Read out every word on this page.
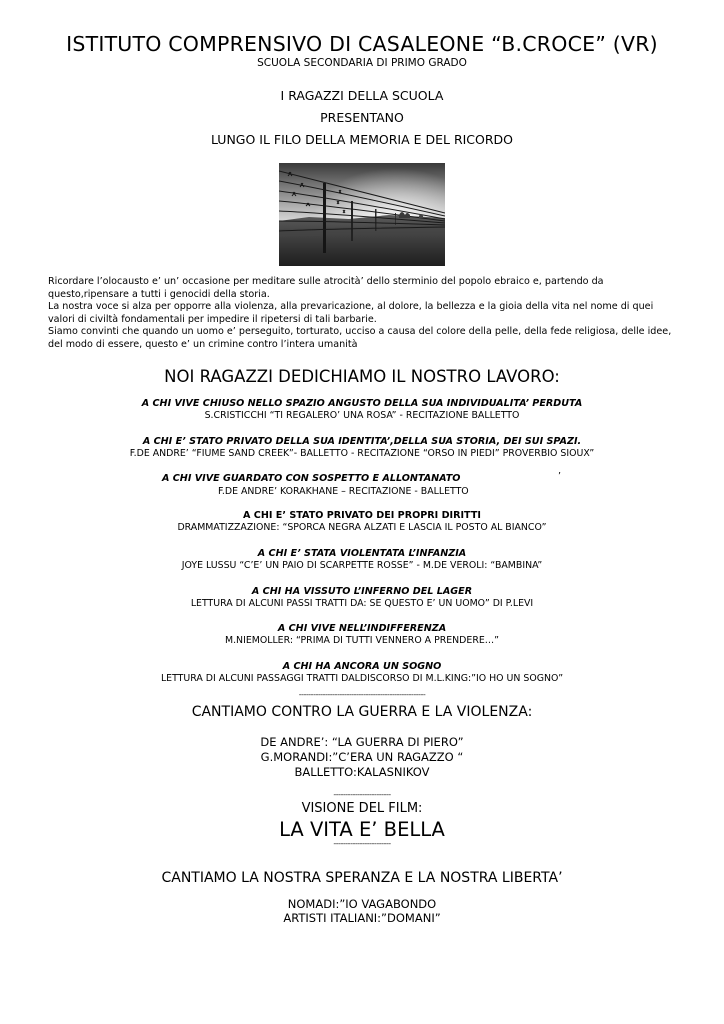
ISTITUTO COMPRENSIVO DI CASALEONE “B.CROCE” (VR)
SCUOLA SECONDARIA DI PRIMO GRADO
I RAGAZZI DELLA SCUOLA
PRESENTANO
LUNGO IL FILO DELLA MEMORIA E DEL RICORDO

Ricordare l’olocausto e’ un’ occasione per meditare sulle atrocità’ dello sterminio del popolo ebraico e, partendo da questo,ripensare a tutti i genocidi della storia.

La nostra voce si alza per opporre alla violenza, alla prevaricazione, al dolore, la bellezza e la gioia della vita nel nome di quei valori di civiltà fondamentali per impedire il ripetersi di tali barbarie.

Siamo convinti che quando un uomo e’ perseguito, torturato, ucciso a causa del colore della pelle, della fede religiosa, delle idee, del modo di essere, questo e’ un crimine contro l’intera umanità

NOI RAGAZZI DEDICHIAMO IL NOSTRO LAVORO:
A CHI VIVE CHIUSO NELLO SPAZIO ANGUSTO DELLA SUA INDIVIDUALITA’ PERDUTA
S.CRISTICCHI “TI REGALERO’ UNA ROSA” - RECITAZIONE BALLETTO
A CHI E’ STATO PRIVATO DELLA SUA IDENTITA’,DELLA SUA STORIA, DEI SUI SPAZI.
F.DE ANDRE’ “FIUME SAND CREEK”- BALLETTO - RECITAZIONE “ORSO IN PIEDI” PROVERBIO SIOUX”
A CHI VIVE GUARDATO CON SOSPETTO E ALLONTANATO	’
F.DE ANDRE’ KORAKHANE – RECITAZIONE - BALLETTO
A CHI E’ STATO PRIVATO DEI PROPRI DIRITTI
DRAMMATIZZAZIONE: “SPORCA NEGRA ALZATI E LASCIA IL POSTO AL BIANCO”
A CHI E’ STATA VIOLENTATA L’INFANZIA
JOYE LUSSU “C’E’ UN PAIO DI SCARPETTE ROSSE” - M.DE VEROLI: “BAMBINA”
A CHI HA VISSUTO L’INFERNO DEL LAGER
LETTURA DI ALCUNI PASSI TRATTI DA: SE QUESTO E’ UN UOMO” DI P.LEVI
A CHI VIVE NELL’INDIFFERENZA
M.NIEMOLLER: “PRIMA DI TUTTI VENNERO A PRENDERE…”
A CHI HA ANCORA UN SOGNO
LETTURA DI ALCUNI PASSAGGI TRATTI DALDISCORSO DI M.L.KING:”IO HO UN SOGNO”
-----------------------------------------------------
CANTIAMO CONTRO LA GUERRA E LA VIOLENZA:
DE ANDRE’: “LA GUERRA DI PIERO”
G.MORANDI:”C’ERA UN RAGAZZO “
BALLETTO:KALASNIKOV
------------------------
VISIONE DEL FILM:
LA VITA E’ BELLA
------------------------
CANTIAMO LA NOSTRA SPERANZA E LA NOSTRA LIBERTA’
NOMADI:”IO VAGABONDO
ARTISTI ITALIANI:”DOMANI”
